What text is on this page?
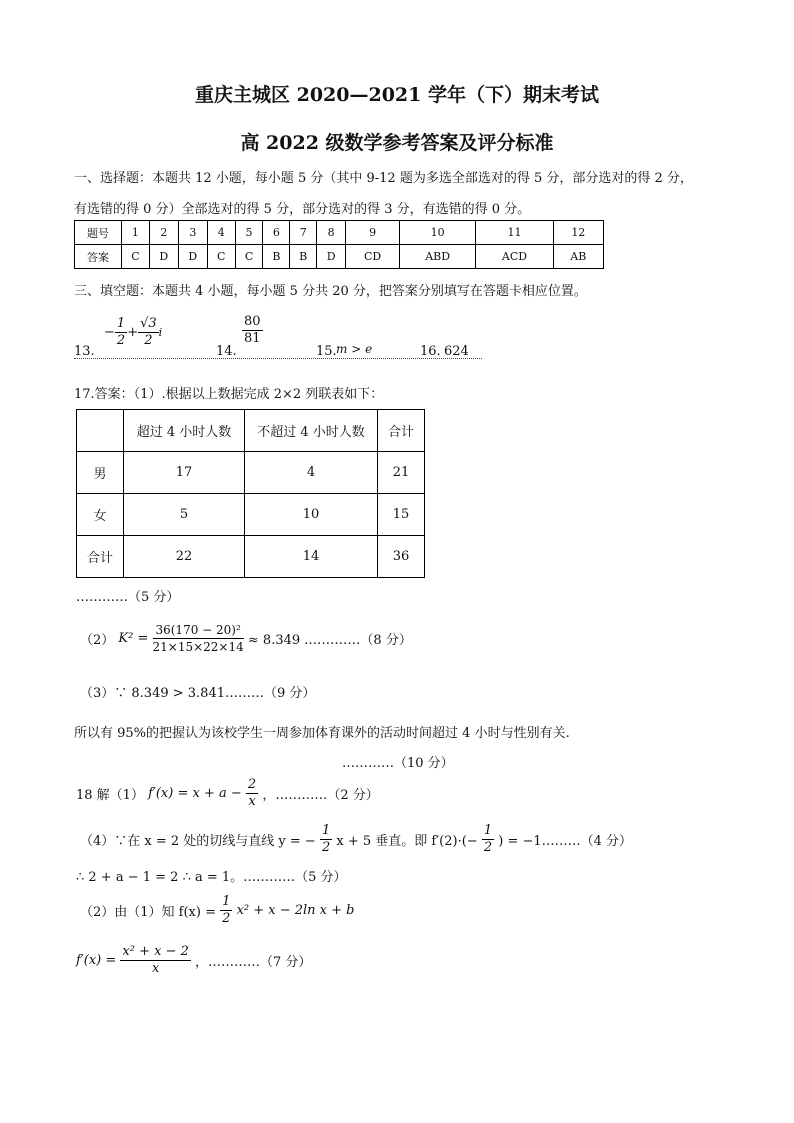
重庆主城区 2020—2021 学年（下）期末考试
高 2022 级数学参考答案及评分标准
一、选择题：本题共 12 小题，每小题 5 分（其中 9-12 题为多选全部选对的得 5 分，部分选对的得 2 分，
有选错的得 0 分）全部选对的得 5 分，部分选对的得 3 分，有选错的得 0 分。
题号	1	2	3	4	5	6	7	8	9	10	11	12
答案	C	D	D	C	C	B	B	D	CD	ABD	ACD	AB
三、填空题：本题共 4 小题，每小题 5 分共 20 分，把答案分别填写在答题卡相应位置。
13.
− $\frac{1}{2} + \frac{√3}{2}$ i
14.
$\frac{80}{81}$
15. m > e	16. 624
17.答案：（1）.根据以上数据完成 2×2 列联表如下：
	超过 4 小时人数	不超过 4 小时人数	合计
男	17	4	21
女	5	10	15
合计	22	14	36
…………（5 分）
（2） $K^2 = \frac{\text{36(170 − 20)²}}{21\times 15\times 22\times 14} \approx 8.349$ .…………（8 分）
（3）∵ 8.349 > 3.841………（9 分）
所以有 95%的把握认为该校学生一周参加体育课外的活动时间超过 4 小时与性别有关.
…………（10 分）
18 解（1） $f'(x) = x + a - \frac{2}{x}$ ，…………（2 分）
（4）∵在 x = 2 处的切线与直线 y = − $\frac{1}{2}$ x + 5 垂直。即 $f'(2)\cdot(- \frac{1}{2}$ ) = −1………（4 分）
∴ 2 + a − 1 = 2 ∴ a = 1。…………（5 分）
（2）由（1）知 $f(x) = \frac{1}{2} x^2 + x - 2\ln$ x + b
$f'(x) = \frac{\text{x² + x − 2}}{x}$ ，…………（7 分）
